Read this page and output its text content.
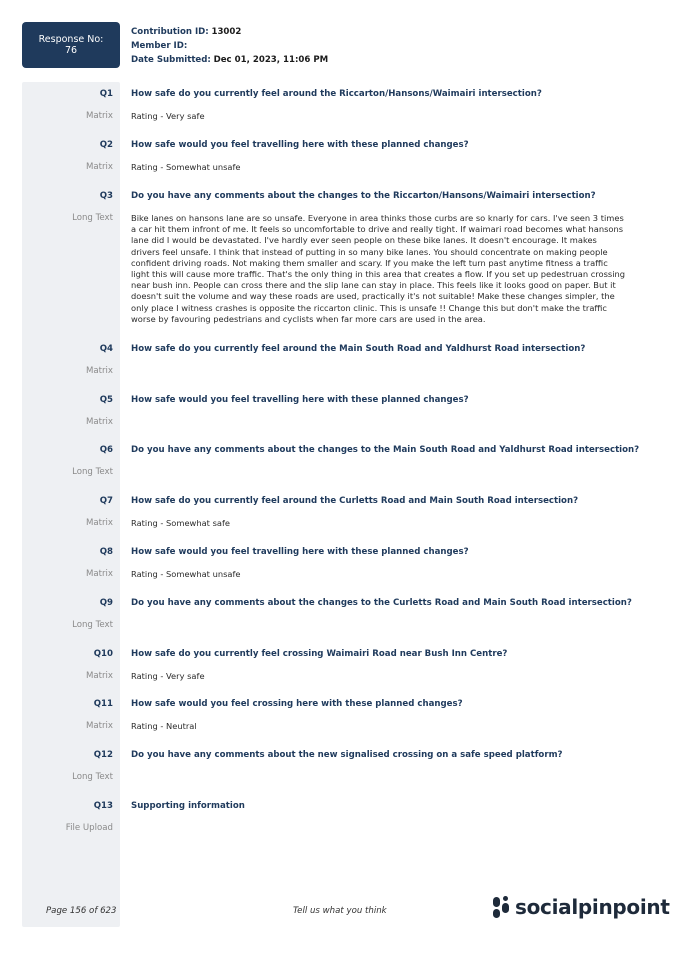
Response No:
76
Contribution ID: 13002
Member ID:
Date Submitted: Dec 01, 2023, 11:06 PM
Q1 How safe do you currently feel around the Riccarton/Hansons/Waimairi intersection?
Matrix Rating - Very safe
Q2 How safe would you feel travelling here with these planned changes?
Matrix Rating - Somewhat unsafe
Q3 Do you have any comments about the changes to the Riccarton/Hansons/Waimairi intersection?
Long Text Bike lanes on hansons lane are so unsafe. Everyone in area thinks those curbs are so knarly for cars. I've seen 3 times a car hit them infront of me. It feels so uncomfortable to drive and really tight. If waimari road becomes what hansons lane did I would be devastated. I've hardly ever seen people on these bike lanes. It doesn't encourage. It makes drivers feel unsafe. I think that instead of putting in so many bike lanes. You should concentrate on making people confident driving roads. Not making them smaller and scary. If you make the left turn past anytime fitness a traffic light this will cause more traffic. That's the only thing in this area that creates a flow. If you set up pedestruan crossing near bush inn. People can cross there and the slip lane can stay in place. This feels like it looks good on paper. But it doesn't suit the volume and way these roads are used, practically it's not suitable! Make these changes simpler, the only place I witness crashes is opposite the riccarton clinic. This is unsafe !! Change this but don't make the traffic worse by favouring pedestrians and cyclists when far more cars are used in the area.
Q4 How safe do you currently feel around the Main South Road and Yaldhurst Road intersection?
Matrix
Q5 How safe would you feel travelling here with these planned changes?
Matrix
Q6 Do you have any comments about the changes to the Main South Road and Yaldhurst Road intersection?
Long Text
Q7 How safe do you currently feel around the Curletts Road and Main South Road intersection?
Matrix Rating - Somewhat safe
Q8 How safe would you feel travelling here with these planned changes?
Matrix Rating - Somewhat unsafe
Q9 Do you have any comments about the changes to the Curletts Road and Main South Road intersection?
Long Text
Q10 How safe do you currently feel crossing Waimairi Road near Bush Inn Centre?
Matrix Rating - Very safe
Q11 How safe would you feel crossing here with these planned changes?
Matrix Rating - Neutral
Q12 Do you have any comments about the new signalised crossing on a safe speed platform?
Long Text
Q13 Supporting information
File Upload
Page 156 of 623	Tell us what you think	socialpinpoint
